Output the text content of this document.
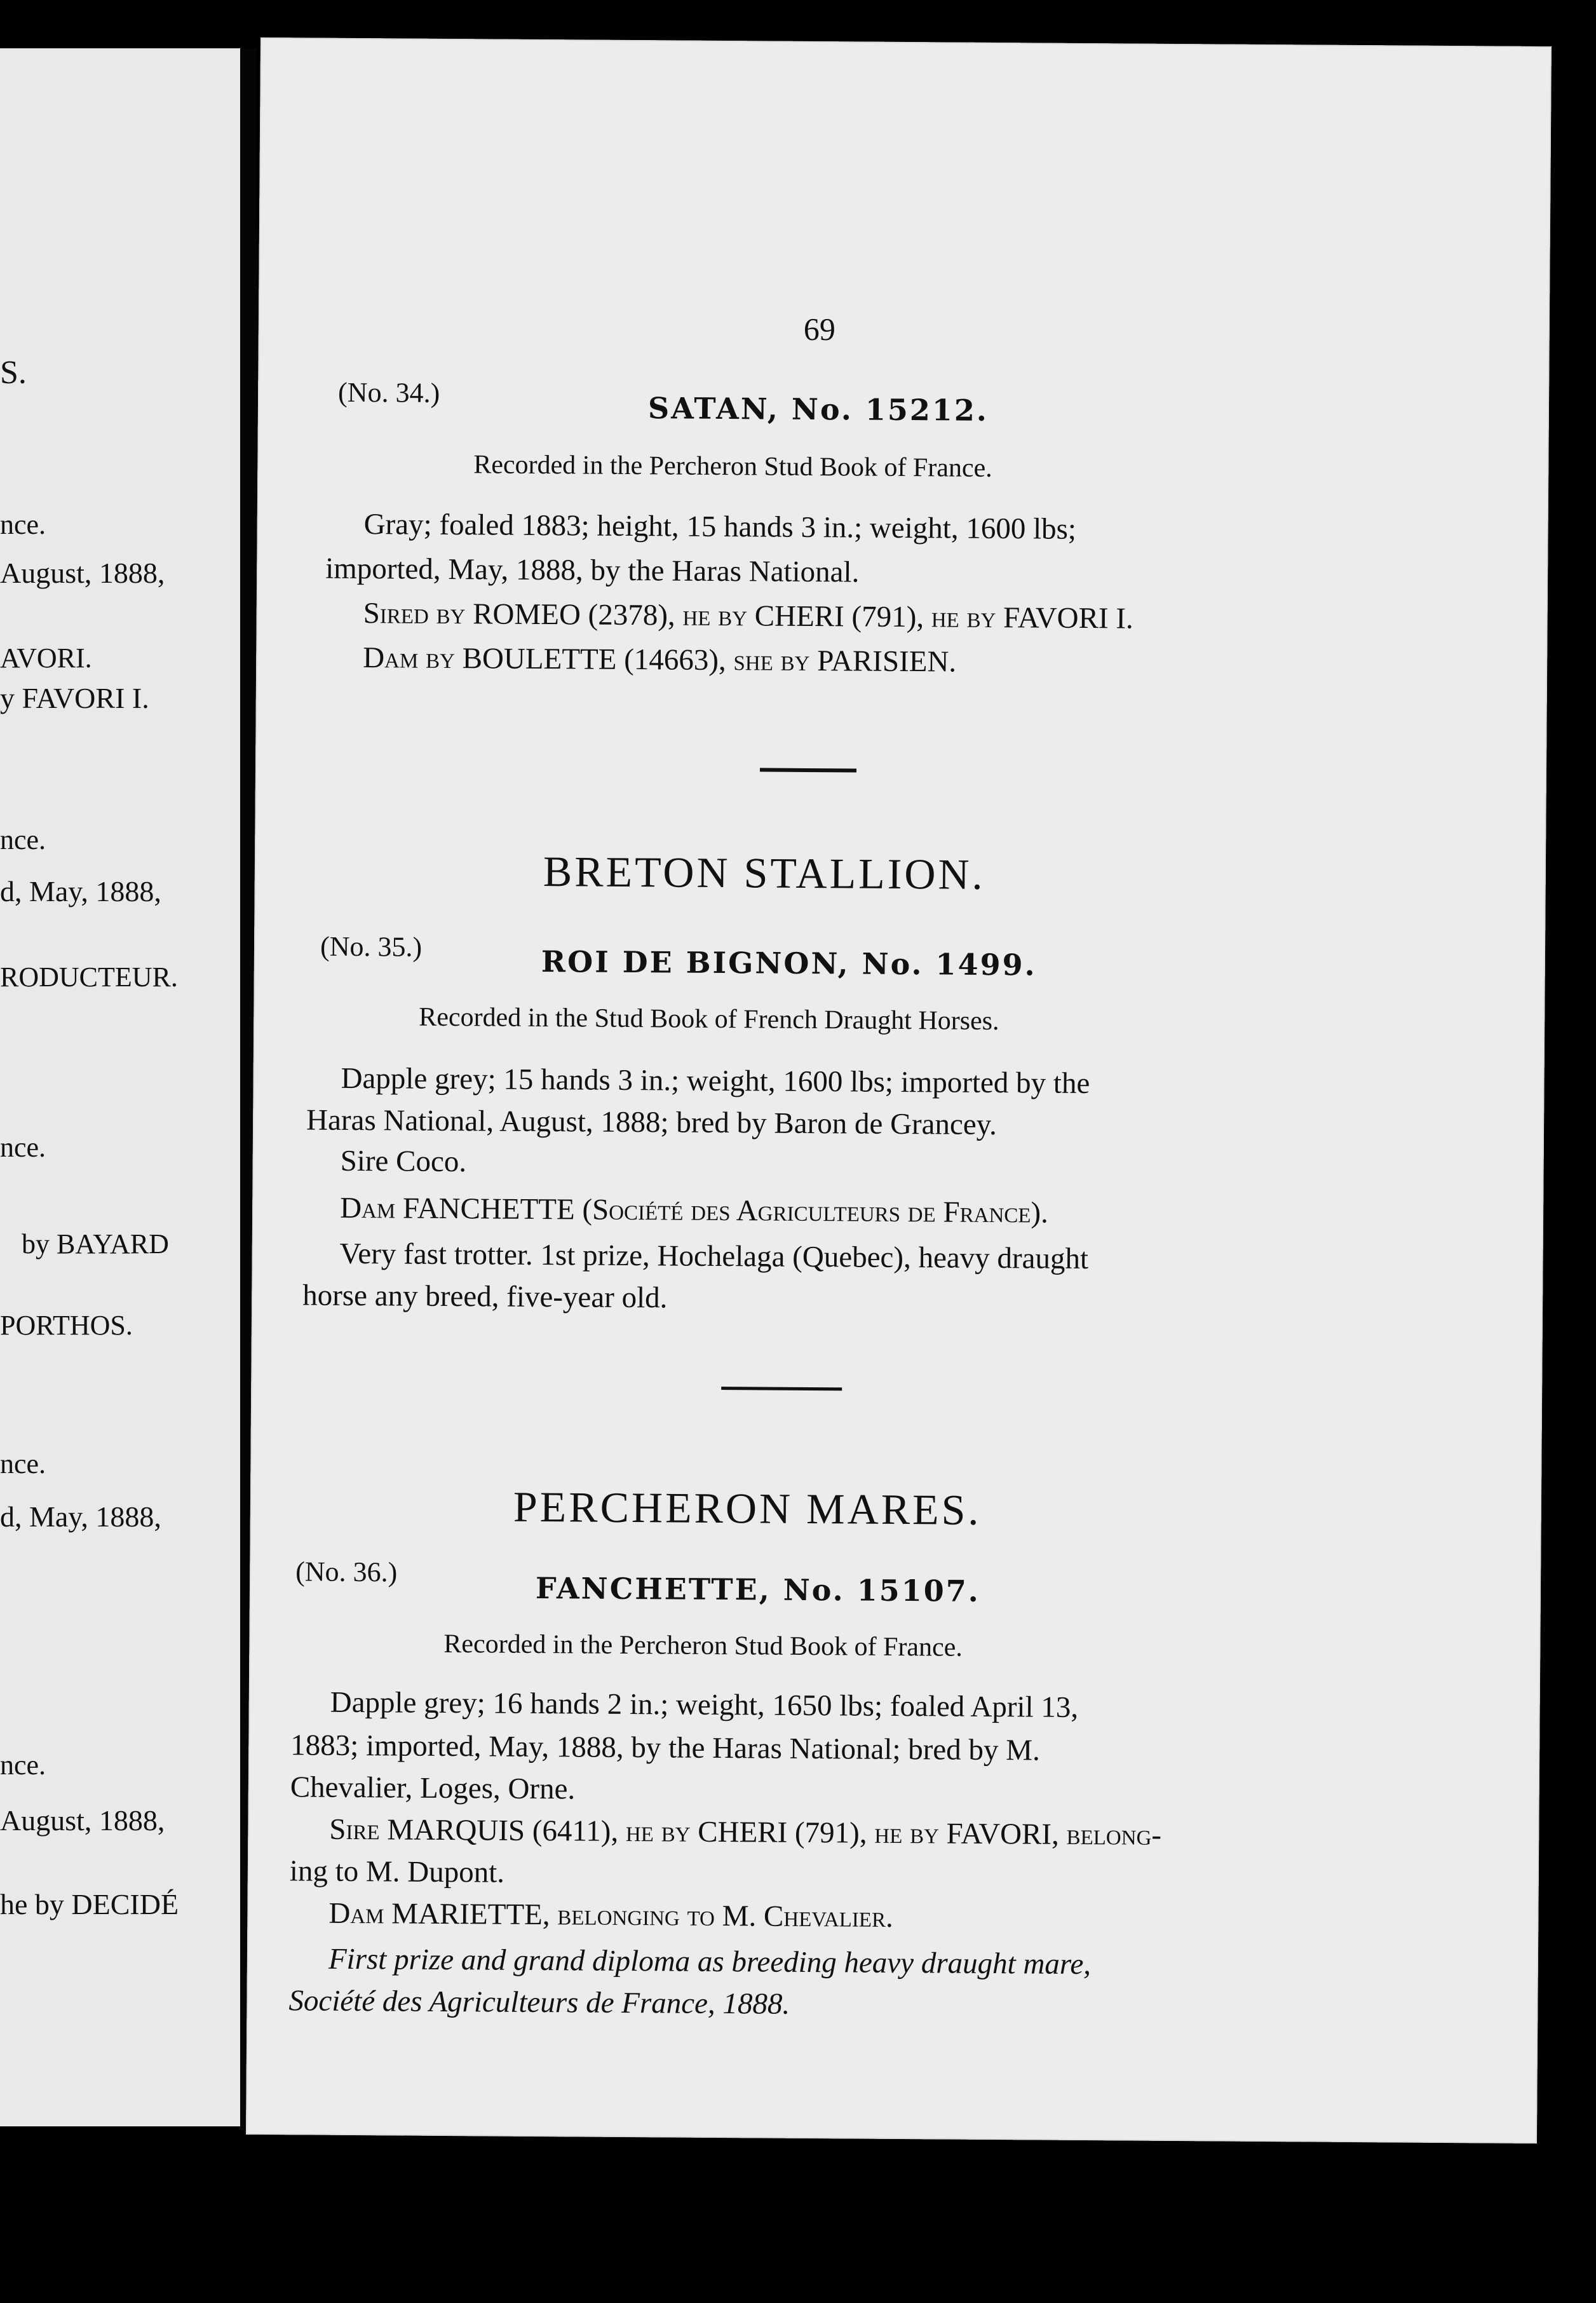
S.
nce.
August, 1888,
AVORI.
y FAVORI I.
nce.
d, May, 1888,
RODUCTEUR.
nce.
by BAYARD
PORTHOS.
nce.
d, May, 1888,
nce.
August, 1888,
he by DECIDÉ
69
(No. 34.)	SATAN, No. 15212.
Recorded in the Percheron Stud Book of France.
Gray; foaled 1883; height, 15 hands 3 in.; weight, 1600 lbs;
imported, May, 1888, by the Haras National.
Sired by ROMEO (2378), he by CHERI (791), he by FAVORI I.
Dam by BOULETTE (14663), she by PARISIEN.
BRETON STALLION.
(No. 35.)	ROI DE BIGNON, No. 1499.
Recorded in the Stud Book of French Draught Horses.
Dapple grey; 15 hands 3 in.; weight, 1600 lbs; imported by the
Haras National, August, 1888; bred by Baron de Grancey.
Sire Coco.
Dam FANCHETTE (Société des Agriculteurs de France).
Very fast trotter. 1st prize, Hochelaga (Quebec), heavy draught
horse any breed, five-year old.
PERCHERON MARES.
(No. 36.)	FANCHETTE, No. 15107.
Recorded in the Percheron Stud Book of France.
Dapple grey; 16 hands 2 in.; weight, 1650 lbs; foaled April 13,
1883; imported, May, 1888, by the Haras National; bred by M.
Chevalier, Loges, Orne.
Sire MARQUIS (6411), he by CHERI (791), he by FAVORI, belong-
ing to M. Dupont.
Dam MARIETTE, belonging to M. Chevalier.
First prize and grand diploma as breeding heavy draught mare,
Société des Agriculteurs de France, 1888.
